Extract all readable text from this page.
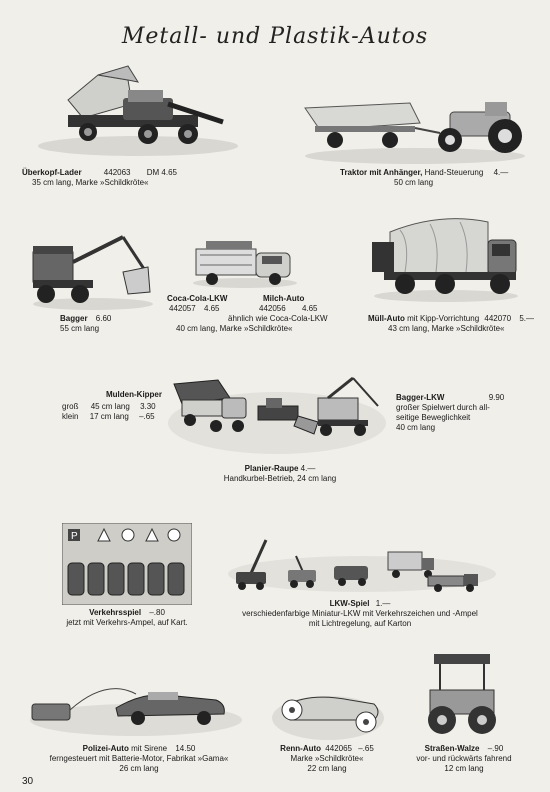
Metall- und Plastik-Autos
Überkopf-Lader	442063 DM 4.65
35 cm lang, Marke »Schildkröte«
Traktor mit Anhänger, Hand-Steuerung 4.—
50 cm lang
Bagger 6.60
55 cm lang
Coca-Cola-LKW
442057 4.65
Milch-Auto
442056 4.65
ähnlich wie Coca-Cola-LKW
40 cm lang, Marke »Schildkröte«
Müll-Auto mit Kipp-Vorrichtung 442070 5.—
43 cm lang, Marke »Schildkröte«
Mulden-Kipper
groß 45 cm lang 3.30
klein 17 cm lang –.65
Bagger-LKW	9.90
großer Spielwert durch all-
seitige Beweglichkeit
40 cm lang
Planier-Raupe 4.—
Handkurbel-Betrieb, 24 cm lang
P
Verkehrsspiel –.80
jetzt mit Verkehrs-Ampel, auf Kart.
LKW-Spiel 1.—
verschiedenfarbige Miniatur-LKW mit Verkehrszeichen und -Ampel
mit Lichtregelung, auf Karton
Polizei-Auto mit Sirene 14.50
ferngesteuert mit Batterie-Motor, Fabrikat »Gama«
26 cm lang
Renn-Auto 442065 –.65
Marke »Schildkröte«
22 cm lang
Straßen-Walze –.90
vor- und rückwärts fahrend
12 cm lang
30
